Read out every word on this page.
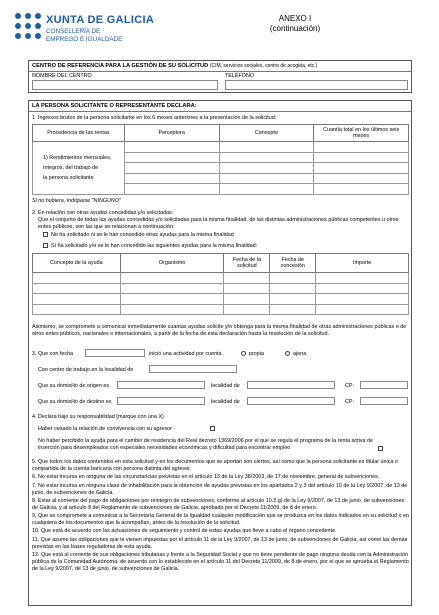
XUNTA DE GALICIA
CONSELLERÍA DE
EMPREGO E IGUALDADE
ANEXO I
(continuación)
CENTRO DE REFERENCIA PARA LA GESTIÓN DE SU SOLICITUD (CIM, servicios sociales, centro de acogida, etc.)
NOMBRE DEL CENTRO	TELÉFONO
LA PERSONA SOLICITANTE O REPRESENTANTE DECLARA:
1. Ingresos brutos de la persona solicitante en los 6 meses anteriores a la presentación de la solicitud:
Procedencia de las rentas	Perceptora	Concepto	Cuantía total en los últimos seis meses

1) Rendimientos mensuales,
íntegros, del trabajo de
la persona solicitante			

Si no hubiera, indíquese "NINGUNO"
2. En relación con otras ayudas concedidas y/o solicitadas:
Que el conjunto de todas las ayudas concedidas y/o solicitadas para la misma finalidad, de las distintas administraciones públicas competentes u otros entes públicos, son las que se relacionan a continuación:
No ha solicitado ni se le han concedido otras ayudas para la misma finalidad
Sí ha solicitado y/o se le han concedido las siguientes ayudas para la misma finalidad:
Concepto de la ayuda	Organismo	Fecha de la solicitud	Fecha de concesión	Importe

Asimismo, se compromete a comunicar inmediatamente cuantas ayudas solicite y/o obtenga para la misma finalidad de otras administraciones públicas o de otros entes públicos, nacionales o internacionales, a partir de la fecha de esta declaración hasta la resolución de la solicitud.
3. Que con fecha	inició una actividad por cuenta	propia	ajena
Con centro de trabajo en la localidad de
Que su domicilio de origen es	localidad de	CP:
Que su domicilio de destino es	localidad de	CP:
4. Declara bajo su responsabilidad (marque con una X)
Haber cesado la relación de convivencia con su agresor
No haber percibido la ayuda para el cambio de residencia del Real decreto 1369/2006 por el que se regula el programa de la renta activa de inserción para desempleados con especiales necesidades económicas y dificultad para encontrar empleo
5. Que todos los datos contenidos en esta solicitud y en los documentos que se aportan son ciertos, así como que la persona solicitante es titular única o compartida de la cuenta bancaria con persona distinta del agresor.
6. No estar incursa en ninguna de las circunstancias previstas en el artículo 13 de la Ley 38/2003, de 17 de noviembre, general de subvenciones.
7. No estar incursa en ninguna clase de inhabilitación para la obtención de ayudas previstas en los apartados 2 y 3 del artículo 10 de la Ley 9/2007, de 13 de junio, de subvenciones de Galicia.
8. Estar al corriente del pago de obligaciones por reintegro de subvenciones, conforme al artículo 10.2.g) de la Ley 9/2007, de 13 de junio, de subvenciones de Galicia, y al artículo 9 del Reglamento de subvenciones de Galicia, aprobado por el Decreto 11/2009, de 8 de enero.
9. Que se compromete a comunicar a la Secretaría General de la Igualdad cualquier modificación que se produzca en los datos indicados en su solicitud o en cualquiera de los documentos que la acompañan, antes de la resolución de la solicitud.
10. Que está de acuerdo con las actuaciones de seguimiento y control de estas ayudas que lleve a cabo el órgano concedente.
11. Que asume las obligaciones que le vienen impuestas por el artículo 11 de la Ley 9/2007, de 13 de junio, de subvenciones de Galicia, así como las demás previstas en las bases reguladoras de esta ayuda.
12. Que está al corriente de sus obligaciones tributarias y frente a la Seguridad Social y que no tiene pendiente de pago ninguna deuda con la Administración pública de la Comunidad Autónoma, de acuerdo con lo establecido en el artículo 11 del Decreto 11/2009, de 8 de enero, por el que se aprueba el Reglamento de la Ley 9/2007, de 13 de junio, de subvenciones de Galicia.
